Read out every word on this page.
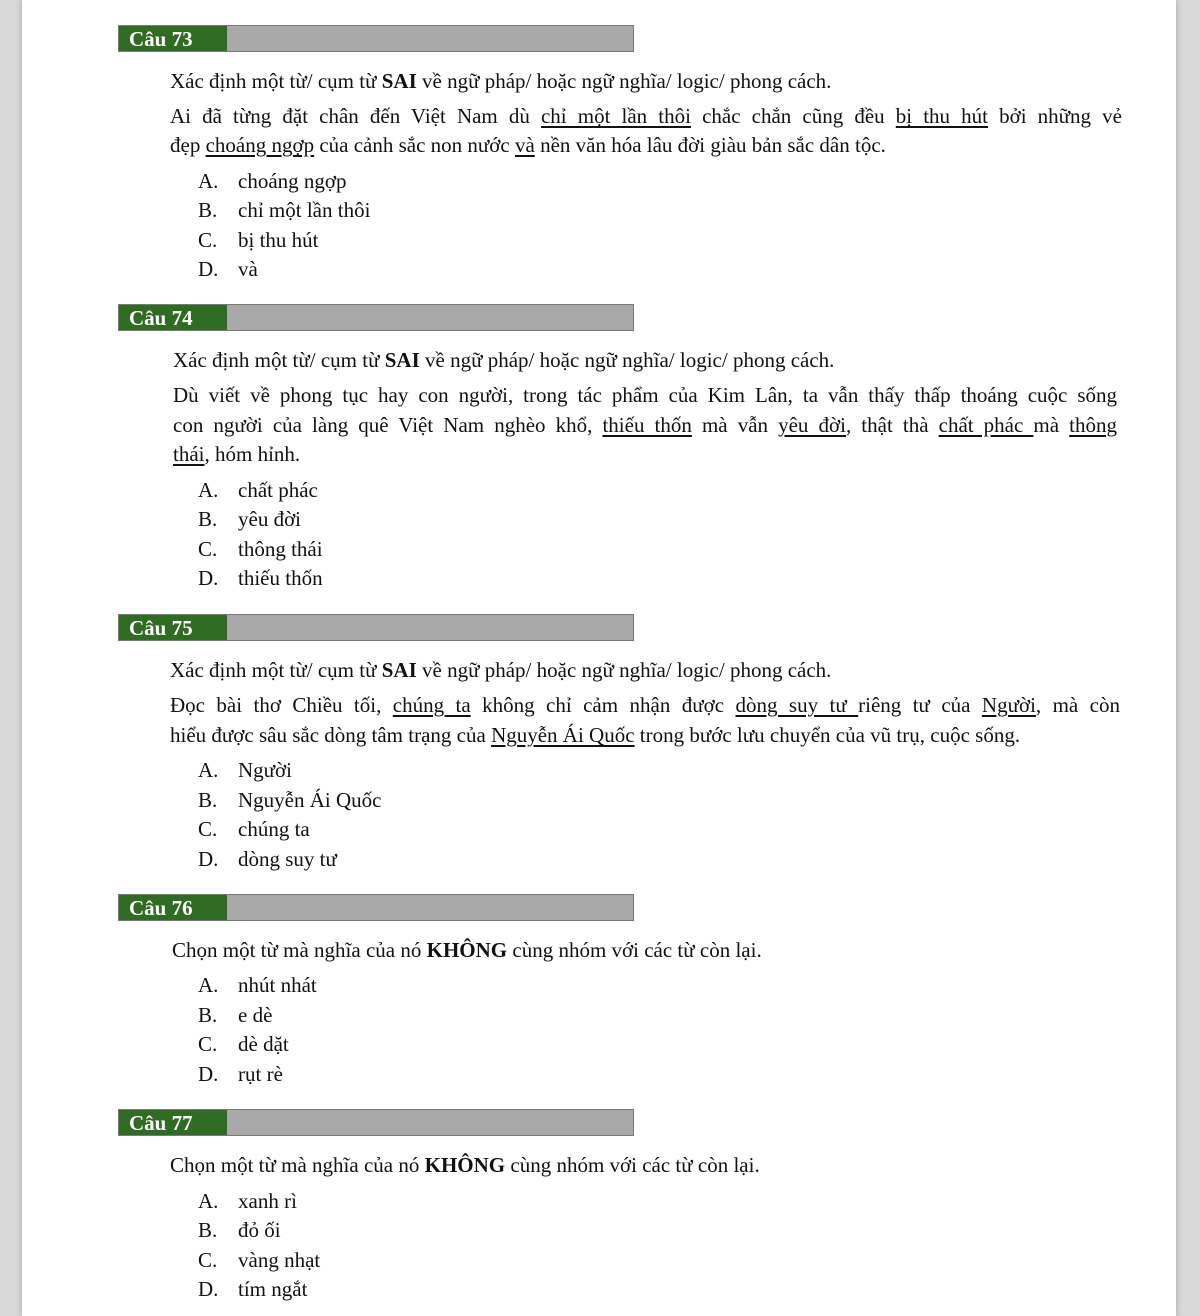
Câu 73
Xác định một từ/ cụm từ SAI về ngữ pháp/ hoặc ngữ nghĩa/ logic/ phong cách.
Ai đã từng đặt chân đến Việt Nam dù chỉ một lần thôi chắc chắn cũng đều bị thu hút bởi những vẻ
đẹp choáng ngợp của cảnh sắc non nước và nền văn hóa lâu đời giàu bản sắc dân tộc.
A. choáng ngợp
B. chỉ một lần thôi
C. bị thu hút
D. và
Câu 74
Xác định một từ/ cụm từ SAI về ngữ pháp/ hoặc ngữ nghĩa/ logic/ phong cách.
Dù viết về phong tục hay con người, trong tác phẩm của Kim Lân, ta vẫn thấy thấp thoáng cuộc sống
con người của làng quê Việt Nam nghèo khổ, thiếu thốn mà vẫn yêu đời, thật thà chất phác mà thông
thái, hóm hỉnh.
A. chất phác
B. yêu đời
C. thông thái
D. thiếu thốn
Câu 75
Xác định một từ/ cụm từ SAI về ngữ pháp/ hoặc ngữ nghĩa/ logic/ phong cách.
Đọc bài thơ Chiều tối, chúng ta không chỉ cảm nhận được dòng suy tư riêng tư của Người, mà còn
hiểu được sâu sắc dòng tâm trạng của Nguyễn Ái Quốc trong bước lưu chuyển của vũ trụ, cuộc sống.
A. Người
B. Nguyễn Ái Quốc
C. chúng ta
D. dòng suy tư
Câu 76
Chọn một từ mà nghĩa của nó KHÔNG cùng nhóm với các từ còn lại.
A. nhút nhát
B. e dè
C. dè dặt
D. rụt rè
Câu 77
Chọn một từ mà nghĩa của nó KHÔNG cùng nhóm với các từ còn lại.
A. xanh rì
B. đỏ ối
C. vàng nhạt
D. tím ngắt
